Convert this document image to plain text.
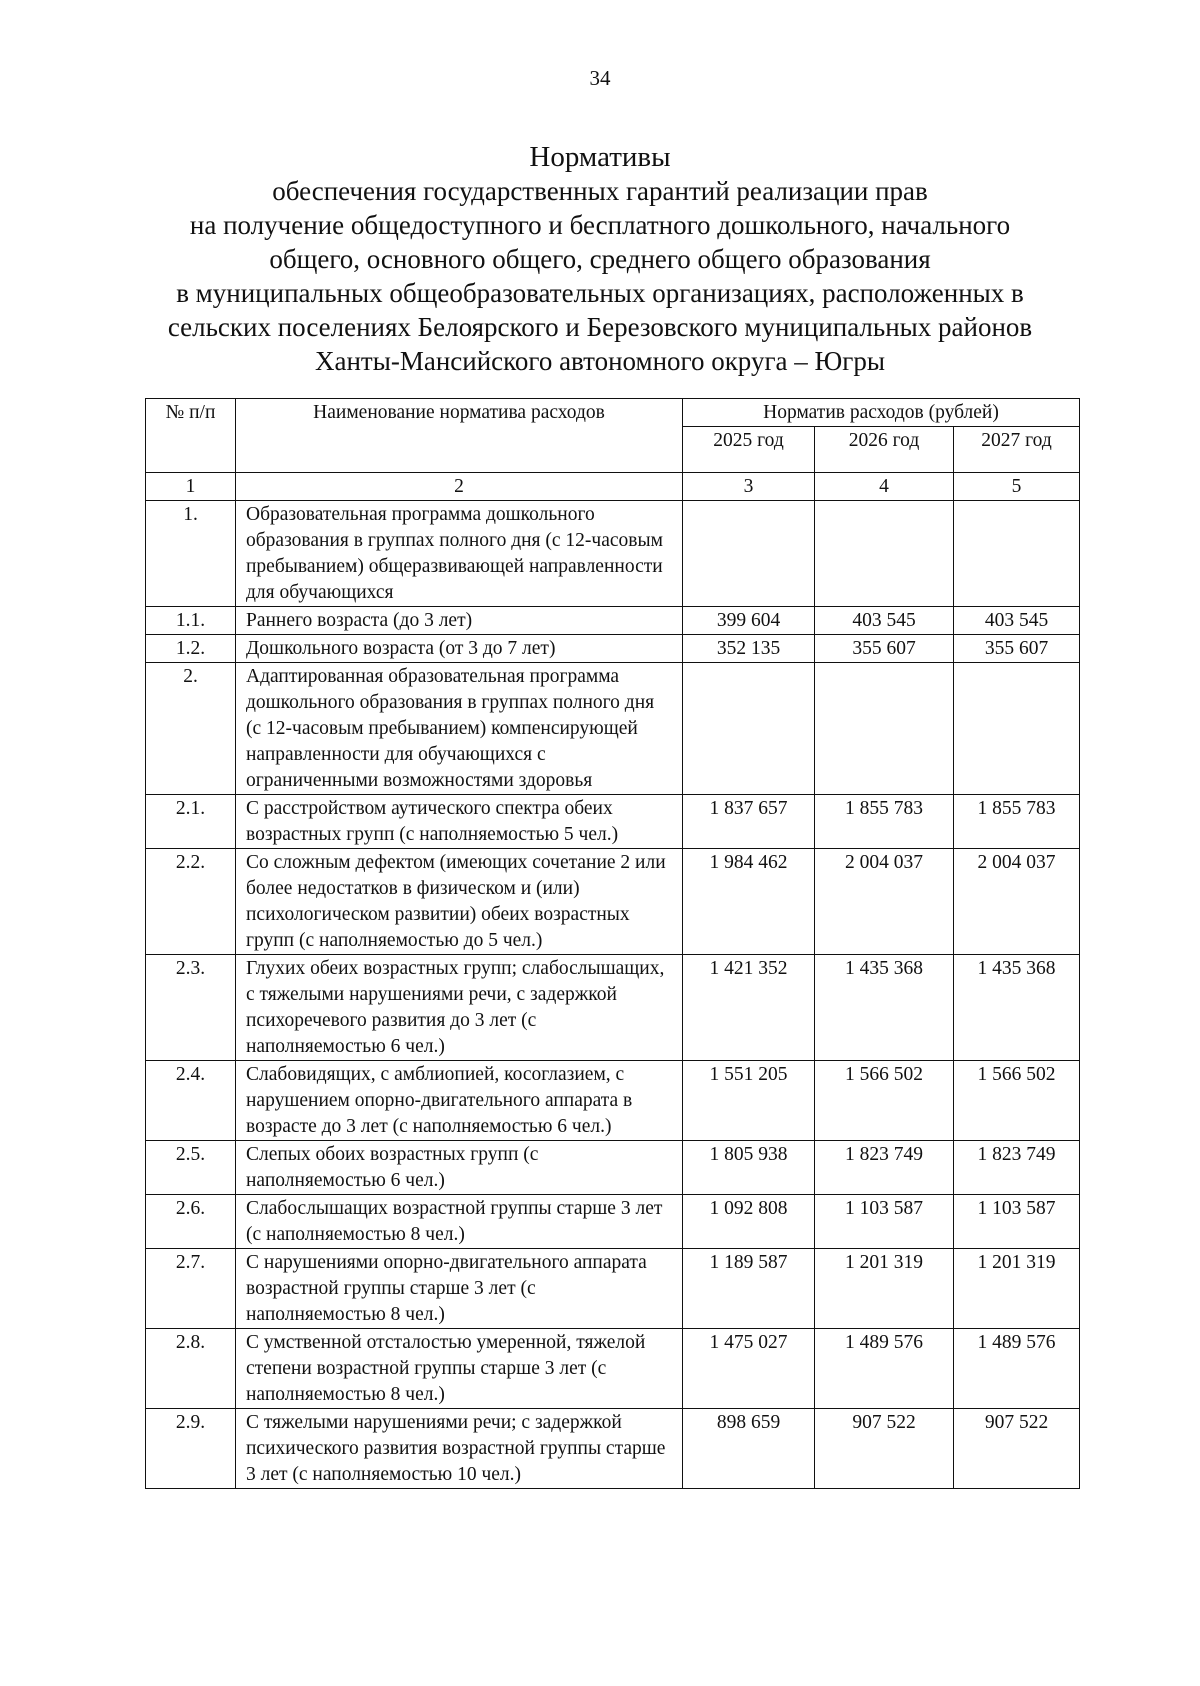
34
Нормативы

обеспечения государственных гарантий реализации прав

на получение общедоступного и бесплатного дошкольного, начального

общего, основного общего, среднего общего образования

в муниципальных общеобразовательных организациях, расположенных в

сельских поселениях Белоярского и Березовского муниципальных районов

Ханты-Мансийского автономного округа – Югры

№ п/п	Наименование норматива расходов	Норматив расходов (рублей)		
		2025 год	2026 год	2027 год
1	2	3	4	5
1.	Образовательная программа дошкольного образования в группах полного дня (с 12-часовым пребыванием) общеразвивающей направленности для обучающихся			
1.1.	Раннего возраста (до 3 лет)	399 604	403 545	403 545
1.2.	Дошкольного возраста (от 3 до 7 лет)	352 135	355 607	355 607
2.	Адаптированная образовательная программа дошкольного образования в группах полного дня (с 12-часовым пребыванием) компенсирующей направленности для обучающихся с ограниченными возможностями здоровья			
2.1.	С расстройством аутического спектра обеих возрастных групп (с наполняемостью 5 чел.)	1 837 657	1 855 783	1 855 783
2.2.	Со сложным дефектом (имеющих сочетание 2 или более недостатков в физическом и (или) психологическом развитии) обеих возрастных групп (с наполняемостью до 5 чел.)	1 984 462	2 004 037	2 004 037
2.3.	Глухих обеих возрастных групп; слабослышащих, с тяжелыми нарушениями речи, с задержкой психоречевого развития до 3 лет (с наполняемостью 6 чел.)	1 421 352	1 435 368	1 435 368
2.4.	Слабовидящих, с амблиопией, косоглазием, с нарушением опорно-двигательного аппарата в возрасте до 3 лет (с наполняемостью 6 чел.)	1 551 205	1 566 502	1 566 502
2.5.	Слепых обоих возрастных групп (с наполняемостью 6 чел.)	1 805 938	1 823 749	1 823 749
2.6.	Слабослышащих возрастной группы старше 3 лет (с наполняемостью 8 чел.)	1 092 808	1 103 587	1 103 587
2.7.	С нарушениями опорно-двигательного аппарата возрастной группы старше 3 лет (с наполняемостью 8 чел.)	1 189 587	1 201 319	1 201 319
2.8.	С умственной отсталостью умеренной, тяжелой степени возрастной группы старше 3 лет (с наполняемостью 8 чел.)	1 475 027	1 489 576	1 489 576
2.9.	С тяжелыми нарушениями речи; с задержкой психического развития возрастной группы старше 3 лет (с наполняемостью 10 чел.)	898 659	907 522	907 522
